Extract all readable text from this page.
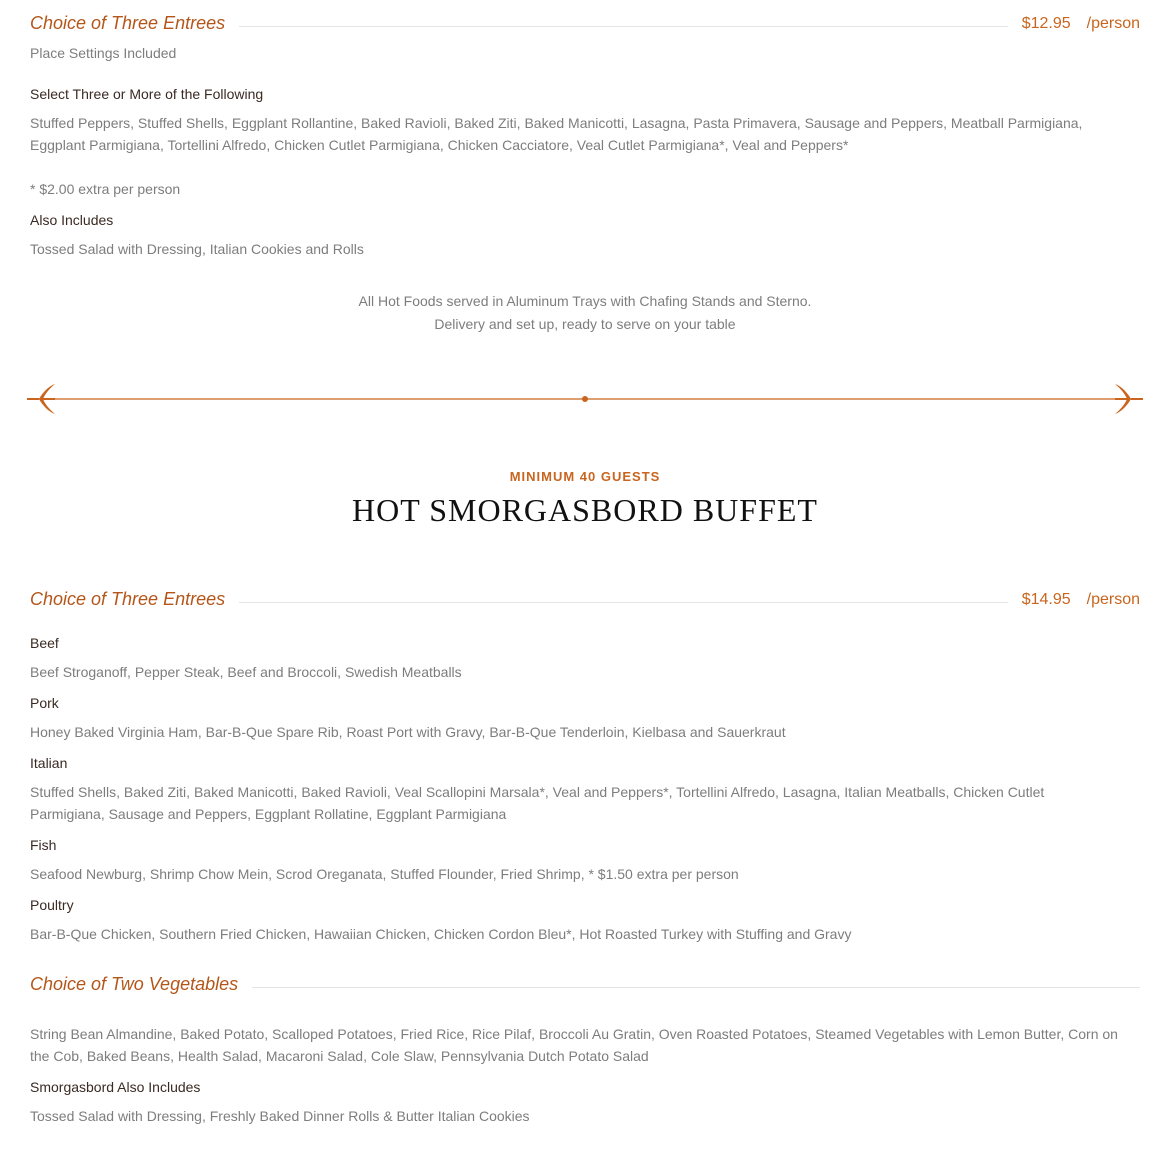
Choice of Three Entrees	$12.95 /person
Place Settings Included
Select Three or More of the Following
Stuffed Peppers, Stuffed Shells, Eggplant Rollantine, Baked Ravioli, Baked Ziti, Baked Manicotti, Lasagna, Pasta Primavera, Sausage and Peppers, Meatball Parmigiana, Eggplant Parmigiana, Tortellini Alfredo, Chicken Cutlet Parmigiana, Chicken Cacciatore, Veal Cutlet Parmigiana*, Veal and Peppers*
* $2.00 extra per person
Also Includes
Tossed Salad with Dressing, Italian Cookies and Rolls
All Hot Foods served in Aluminum Trays with Chafing Stands and Sterno.
Delivery and set up, ready to serve on your table
MINIMUM 40 GUESTS
HOT SMORGASBORD BUFFET
Choice of Three Entrees	$14.95 /person
Beef
Beef Stroganoff, Pepper Steak, Beef and Broccoli, Swedish Meatballs
Pork
Honey Baked Virginia Ham, Bar-B-Que Spare Rib, Roast Port with Gravy, Bar-B-Que Tenderloin, Kielbasa and Sauerkraut
Italian
Stuffed Shells, Baked Ziti, Baked Manicotti, Baked Ravioli, Veal Scallopini Marsala*, Veal and Peppers*, Tortellini Alfredo, Lasagna, Italian Meatballs, Chicken Cutlet Parmigiana, Sausage and Peppers, Eggplant Rollatine, Eggplant Parmigiana
Fish
Seafood Newburg, Shrimp Chow Mein, Scrod Oreganata, Stuffed Flounder, Fried Shrimp, * $1.50 extra per person
Poultry
Bar-B-Que Chicken, Southern Fried Chicken, Hawaiian Chicken, Chicken Cordon Bleu*, Hot Roasted Turkey with Stuffing and Gravy
Choice of Two Vegetables
String Bean Almandine, Baked Potato, Scalloped Potatoes, Fried Rice, Rice Pilaf, Broccoli Au Gratin, Oven Roasted Potatoes, Steamed Vegetables with Lemon Butter, Corn on the Cob, Baked Beans, Health Salad, Macaroni Salad, Cole Slaw, Pennsylvania Dutch Potato Salad
Smorgasbord Also Includes
Tossed Salad with Dressing, Freshly Baked Dinner Rolls & Butter Italian Cookies
